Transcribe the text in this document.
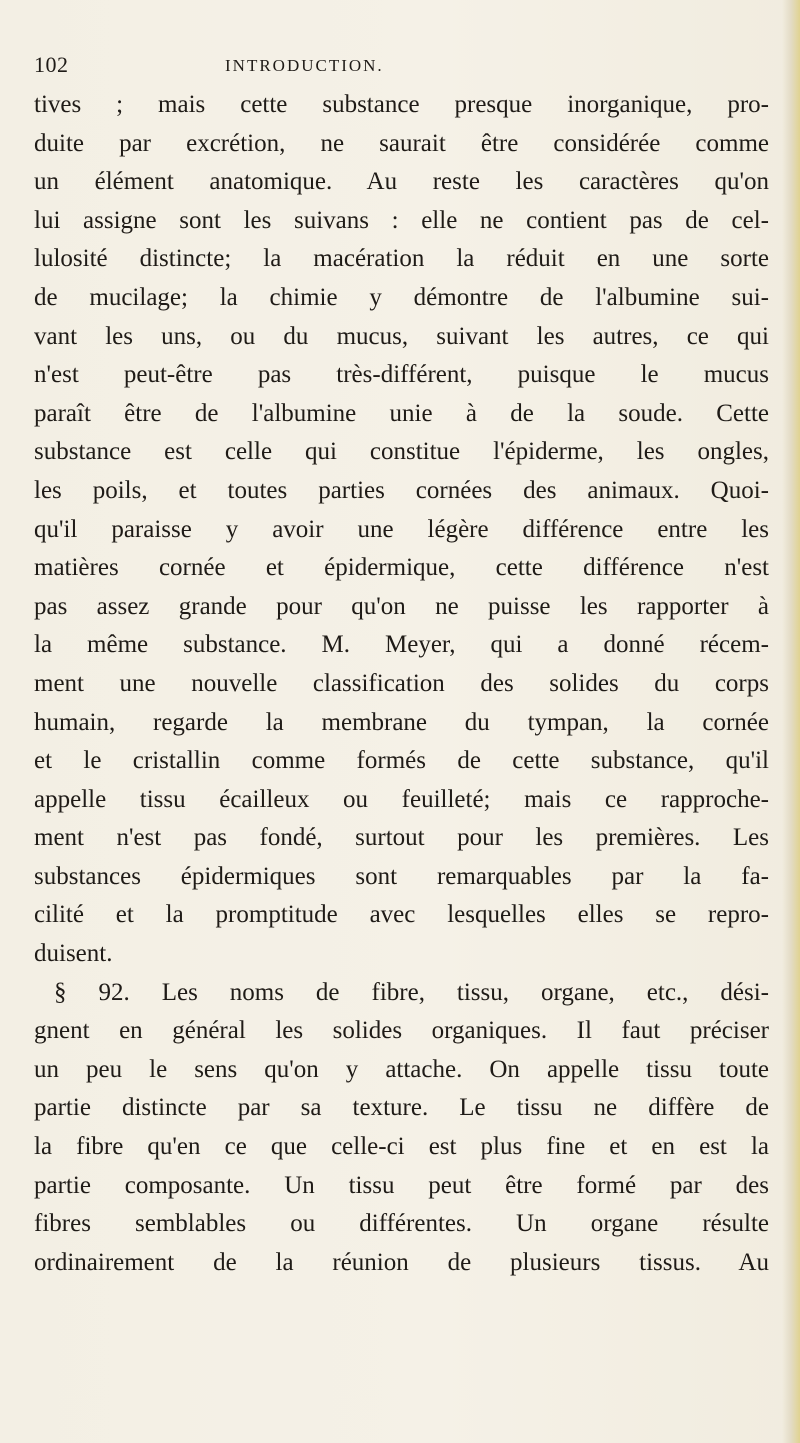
102	INTRODUCTION.
tives ; mais cette substance presque inorganique, pro-
duite par excrétion, ne saurait être considérée comme
un élément anatomique. Au reste les caractères qu'on
lui assigne sont les suivans : elle ne contient pas de cel-
lulosité distincte; la macération la réduit en une sorte
de mucilage; la chimie y démontre de l'albumine sui-
vant les uns, ou du mucus, suivant les autres, ce qui
n'est peut-être pas très-différent, puisque le mucus
paraît être de l'albumine unie à de la soude. Cette
substance est celle qui constitue l'épiderme, les ongles,
les poils, et toutes parties cornées des animaux. Quoi-
qu'il paraisse y avoir une légère différence entre les
matières cornée et épidermique, cette différence n'est
pas assez grande pour qu'on ne puisse les rapporter à
la même substance. M. Meyer, qui a donné récem-
ment une nouvelle classification des solides du corps
humain, regarde la membrane du tympan, la cornée
et le cristallin comme formés de cette substance, qu'il
appelle tissu écailleux ou feuilleté; mais ce rapproche-
ment n'est pas fondé, surtout pour les premières. Les
substances épidermiques sont remarquables par la fa-
cilité et la promptitude avec lesquelles elles se repro-
duisent.
§ 92. Les noms de fibre, tissu, organe, etc., dési-
gnent en général les solides organiques. Il faut préciser
un peu le sens qu'on y attache. On appelle tissu toute
partie distincte par sa texture. Le tissu ne diffère de
la fibre qu'en ce que celle-ci est plus fine et en est la
partie composante. Un tissu peut être formé par des
fibres semblables ou différentes. Un organe résulte
ordinairement de la réunion de plusieurs tissus. Au
